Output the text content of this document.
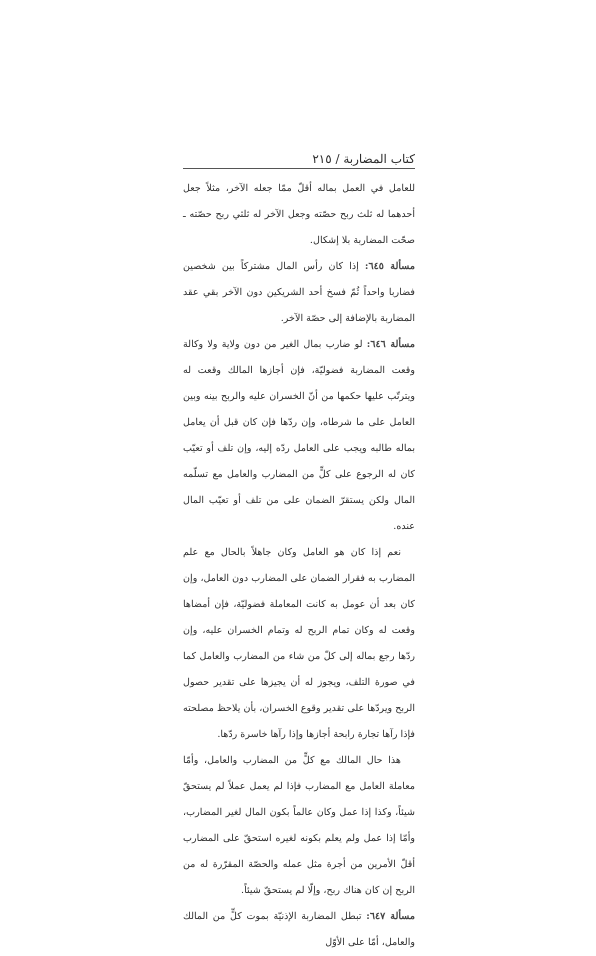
كتاب المضاربة / ٢١٥

للعامل في العمل بماله أقلّ ممّا جعله الآخر، مثلاً جعل أحدهما له ثلث ربح حصّته وجعل الآخر له ثلثي ربح حصّته ـ صحّت المضاربة بلا إشكال.

مسألة ٦٤٥: إذا كان رأس المال مشتركاً بين شخصين فضاربا واحداً ثُمّ فسخ أحد الشريكين دون الآخر بقي عقد المضاربة بالإضافة إلى حصّة الآخر.

مسألة ٦٤٦: لو ضارب بمال الغير من دون ولاية ولا وكالة وقعت المضاربة فضوليّة، فإن أجازها المالك وقعت له ويترتّب عليها حكمها من أنّ الخسران عليه والربح بينه وبين العامل على ما شرطاه، وإن ردّها فإن كان قبل أن يعامل بماله طالبه ويجب على العامل ردّه إليه، وإن تلف أو تعيّب كان له الرجوع على كلٍّ من المضارب والعامل مع تسلّمه المال ولكن يستقرّ الضمان على من تلف أو تعيّب المال عنده.

نعم إذا كان هو العامل وكان جاهلاً بالحال مع علم المضارب به فقرار الضمان على المضارب دون العامل، وإن كان بعد أن عومل به كانت المعاملة فضوليّة، فإن أمضاها وقعت له وكان تمام الربح له وتمام الخسران عليه، وإن ردّها رجع بماله إلى كلّ من شاء من المضارب والعامل كما في صورة التلف، ويجوز له أن يجيزها على تقدير حصول الربح ويردّها على تقدير وقوع الخسران، بأن يلاحظ مصلحته فإذا رآها تجارة رابحة أجازها وإذا رآها خاسرة ردّها.

هذا حال المالك مع كلٍّ من المضارب والعامل، وأمّا معاملة العامل مع المضارب فإذا لم يعمل عملاً لم يستحقّ شيئاً، وكذا إذا عمل وكان عالماً بكون المال لغير المضارب، وأمّا إذا عمل ولم يعلم بكونه لغيره استحقّ على المضارب أقلّ الأمرين من أجرة مثل عمله والحصّة المقرّرة له من الربح إن كان هناك ربح، وإلّا لم يستحقّ شيئاً.

مسألة ٦٤٧: تبطل المضاربة الإذنيّة بموت كلٍّ من المالك والعامل، أمّا على الأوّل
